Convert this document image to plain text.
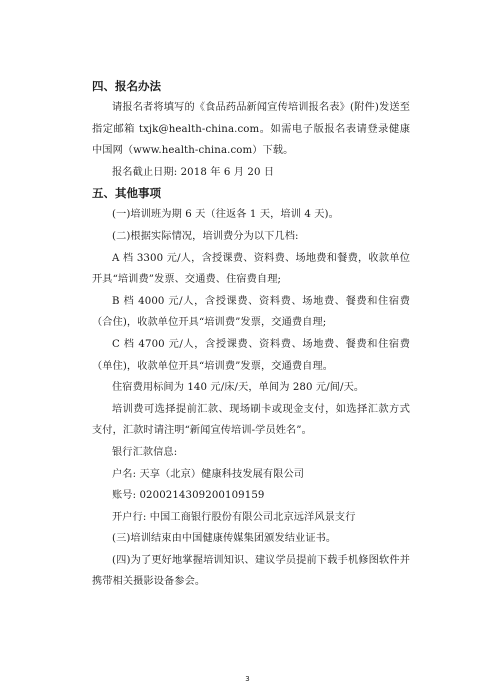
四、报名办法

请报名者将填写的《食品药品新闻宣传培训报名表》(附件)发送至指定邮箱 txjk@health-china.com。如需电子版报名表请登录健康中国网（www.health-china.com）下载。

报名截止日期: 2018 年 6 月 20 日

五、其他事项

(一)培训班为期 6 天（往返各 1 天，培训 4 天)。

(二)根据实际情况，培训费分为以下几档:

A 档 3300 元/人，含授课费、资料费、场地费和餐费，收款单位开具“培训费”发票、交通费、住宿费自理;

B 档 4000 元/人，含授课费、资料费、场地费、餐费和住宿费（合住)，收款单位开具“培训费”发票，交通费自理;

C 档 4700 元/人，含授课费、资料费、场地费、餐费和住宿费（单住)，收款单位开具“培训费”发票，交通费自理。

住宿费用标间为 140 元/床/天，单间为 280 元/间/天。

培训费可选择提前汇款、现场刷卡或现金支付，如选择汇款方式支付，汇款时请注明“新闻宣传培训-学员姓名”。

银行汇款信息:

户名: 天享（北京）健康科技发展有限公司

账号: 0200214309200109159

开户行: 中国工商银行股份有限公司北京远洋风景支行

(三)培训结束由中国健康传媒集团颁发结业证书。

(四)为了更好地掌握培训知识、建议学员提前下载手机修图软件并携带相关摄影设备参会。

3
